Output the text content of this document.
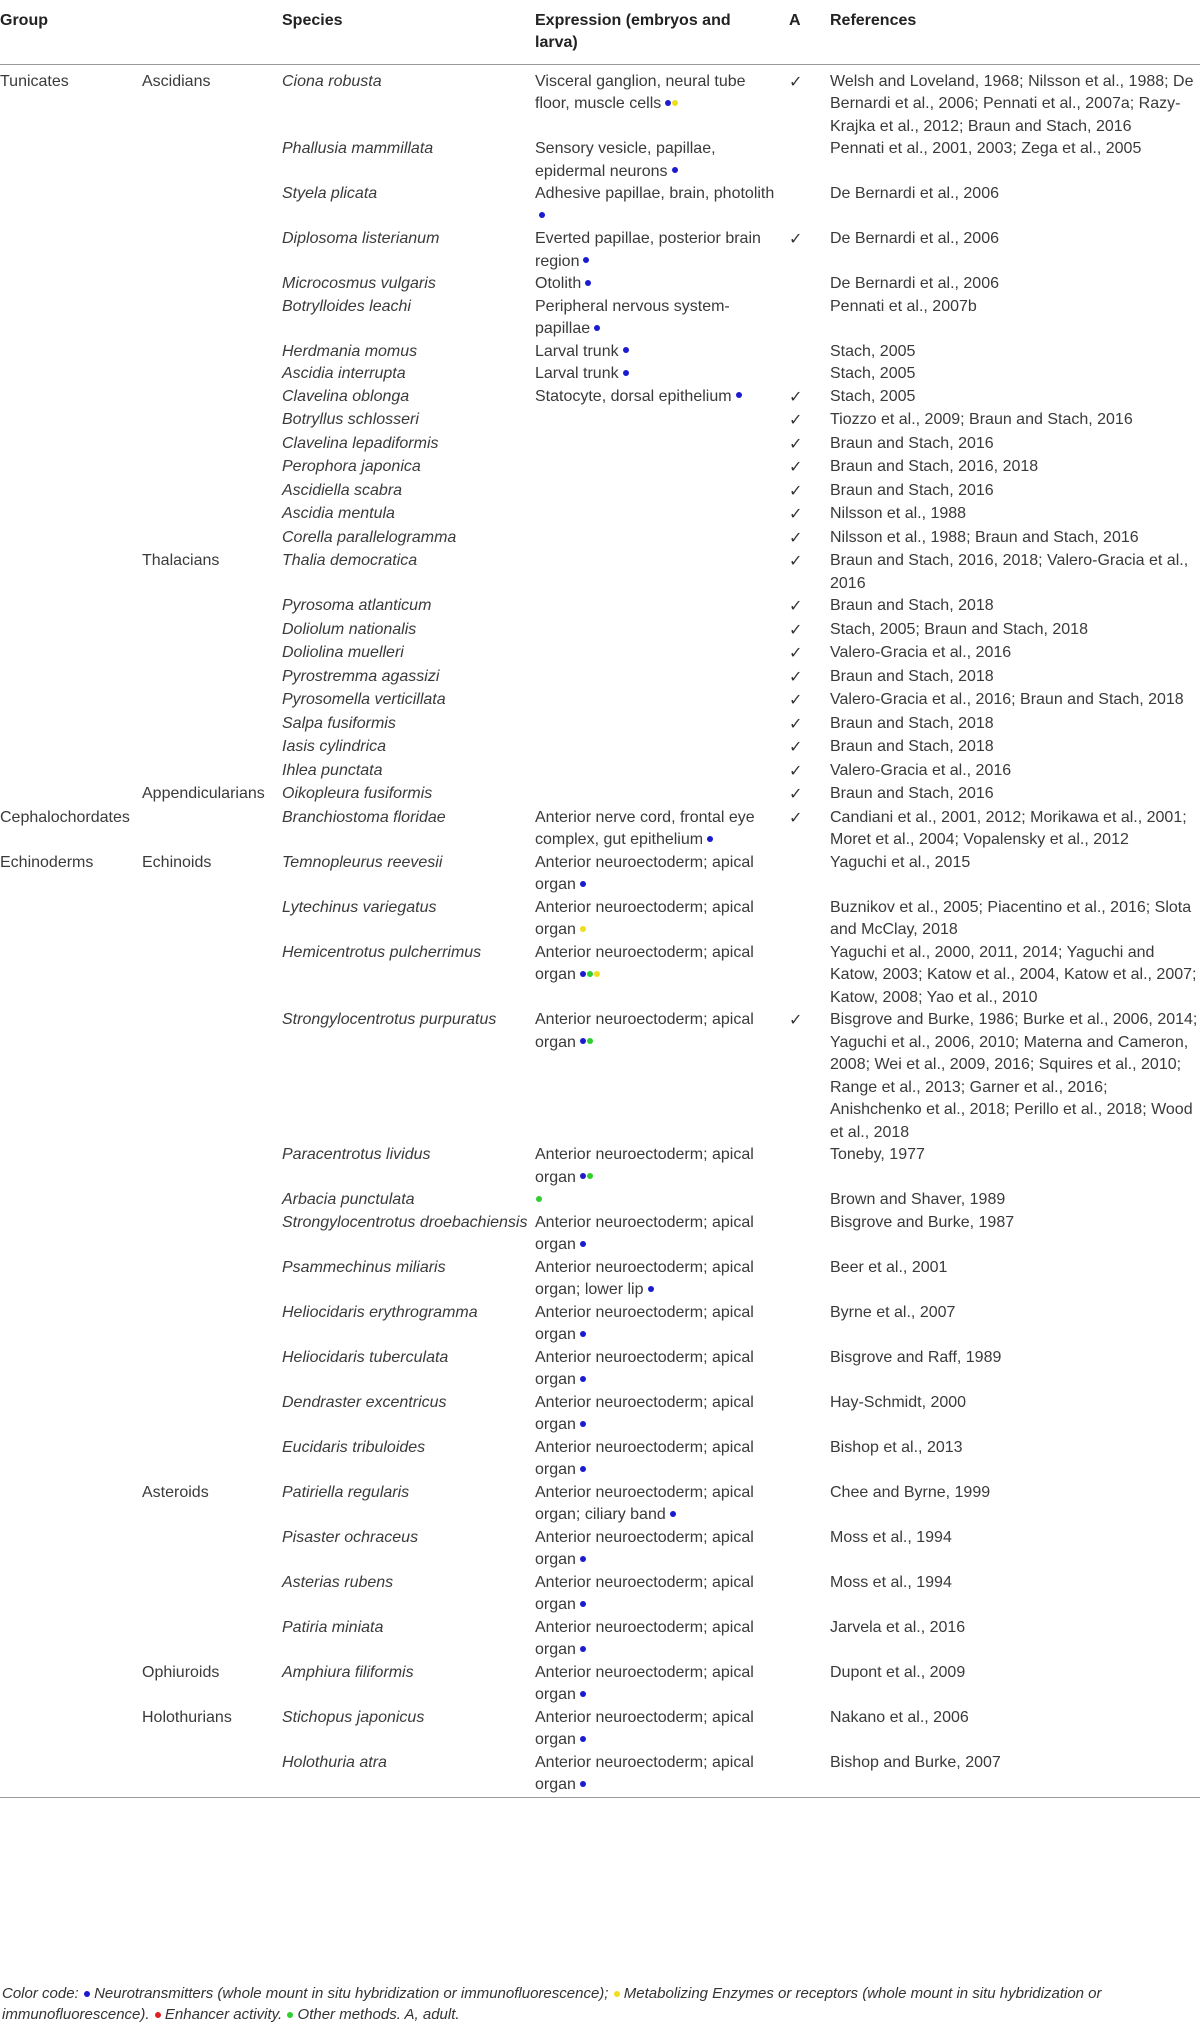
Group		Species	Expression (embryos and larva)	A	References
Tunicates	Ascidians	Ciona robusta	Visceral ganglion, neural tube floor, muscle cells	✓	Welsh and Loveland, 1968; Nilsson et al., 1988; De Bernardi et al., 2006; Pennati et al., 2007a; Razy-Krajka et al., 2012; Braun and Stach, 2016
		Phallusia mammillata	Sensory vesicle, papillae, epidermal neurons		Pennati et al., 2001, 2003; Zega et al., 2005
		Styela plicata	Adhesive papillae, brain, photolith		De Bernardi et al., 2006
		Diplosoma listerianum	Everted papillae, posterior brain region	✓	De Bernardi et al., 2006
		Microcosmus vulgaris	Otolith		De Bernardi et al., 2006
		Botrylloides leachi	Peripheral nervous system-papillae		Pennati et al., 2007b
		Herdmania momus	Larval trunk		Stach, 2005
		Ascidia interrupta	Larval trunk		Stach, 2005
		Clavelina oblonga	Statocyte, dorsal epithelium	✓	Stach, 2005
		Botryllus schlosseri		✓	Tiozzo et al., 2009; Braun and Stach, 2016
		Clavelina lepadiformis		✓	Braun and Stach, 2016
		Perophora japonica		✓	Braun and Stach, 2016, 2018
		Ascidiella scabra		✓	Braun and Stach, 2016
		Ascidia mentula		✓	Nilsson et al., 1988
		Corella parallelogramma		✓	Nilsson et al., 1988; Braun and Stach, 2016
	Thalacians	Thalia democratica		✓	Braun and Stach, 2016, 2018; Valero-Gracia et al., 2016
		Pyrosoma atlanticum		✓	Braun and Stach, 2018
		Doliolum nationalis		✓	Stach, 2005; Braun and Stach, 2018
		Doliolina muelleri		✓	Valero-Gracia et al., 2016
		Pyrostremma agassizi		✓	Braun and Stach, 2018
		Pyrosomella verticillata		✓	Valero-Gracia et al., 2016; Braun and Stach, 2018
		Salpa fusiformis		✓	Braun and Stach, 2018
		Iasis cylindrica		✓	Braun and Stach, 2018
		Ihlea punctata		✓	Valero-Gracia et al., 2016
	Appendicularians	Oikopleura fusiformis		✓	Braun and Stach, 2016
Cephalochordates		Branchiostoma floridae	Anterior nerve cord, frontal eye complex, gut epithelium	✓	Candiani et al., 2001, 2012; Morikawa et al., 2001; Moret et al., 2004; Vopalensky et al., 2012
Echinoderms	Echinoids	Temnopleurus reevesii	Anterior neuroectoderm; apical organ		Yaguchi et al., 2015
		Lytechinus variegatus	Anterior neuroectoderm; apical organ		Buznikov et al., 2005; Piacentino et al., 2016; Slota and McClay, 2018
		Hemicentrotus pulcherrimus	Anterior neuroectoderm; apical organ		Yaguchi et al., 2000, 2011, 2014; Yaguchi and Katow, 2003; Katow et al., 2004, Katow et al., 2007; Katow, 2008; Yao et al., 2010
		Strongylocentrotus purpuratus	Anterior neuroectoderm; apical organ	✓	Bisgrove and Burke, 1986; Burke et al., 2006, 2014; Yaguchi et al., 2006, 2010; Materna and Cameron, 2008; Wei et al., 2009, 2016; Squires et al., 2010; Range et al., 2013; Garner et al., 2016; Anishchenko et al., 2018; Perillo et al., 2018; Wood et al., 2018
		Paracentrotus lividus	Anterior neuroectoderm; apical organ		Toneby, 1977
		Arbacia punctulata			Brown and Shaver, 1989
		Strongylocentrotus droebachiensis	Anterior neuroectoderm; apical organ		Bisgrove and Burke, 1987
		Psammechinus miliaris	Anterior neuroectoderm; apical organ; lower lip		Beer et al., 2001
		Heliocidaris erythrogramma	Anterior neuroectoderm; apical organ		Byrne et al., 2007
		Heliocidaris tuberculata	Anterior neuroectoderm; apical organ		Bisgrove and Raff, 1989
		Dendraster excentricus	Anterior neuroectoderm; apical organ		Hay-Schmidt, 2000
		Eucidaris tribuloides	Anterior neuroectoderm; apical organ		Bishop et al., 2013
	Asteroids	Patiriella regularis	Anterior neuroectoderm; apical organ; ciliary band		Chee and Byrne, 1999
		Pisaster ochraceus	Anterior neuroectoderm; apical organ		Moss et al., 1994
		Asterias rubens	Anterior neuroectoderm; apical organ		Moss et al., 1994
		Patiria miniata	Anterior neuroectoderm; apical organ		Jarvela et al., 2016
	Ophiuroids	Amphiura filiformis	Anterior neuroectoderm; apical organ		Dupont et al., 2009
	Holothurians	Stichopus japonicus	Anterior neuroectoderm; apical organ		Nakano et al., 2006
		Holothuria atra	Anterior neuroectoderm; apical organ		Bishop and Burke, 2007
Color code: Neurotransmitters (whole mount in situ hybridization or immunofluorescence); Metabolizing Enzymes or receptors (whole mount in situ hybridization or immunofluorescence). Enhancer activity. Other methods. A, adult.
